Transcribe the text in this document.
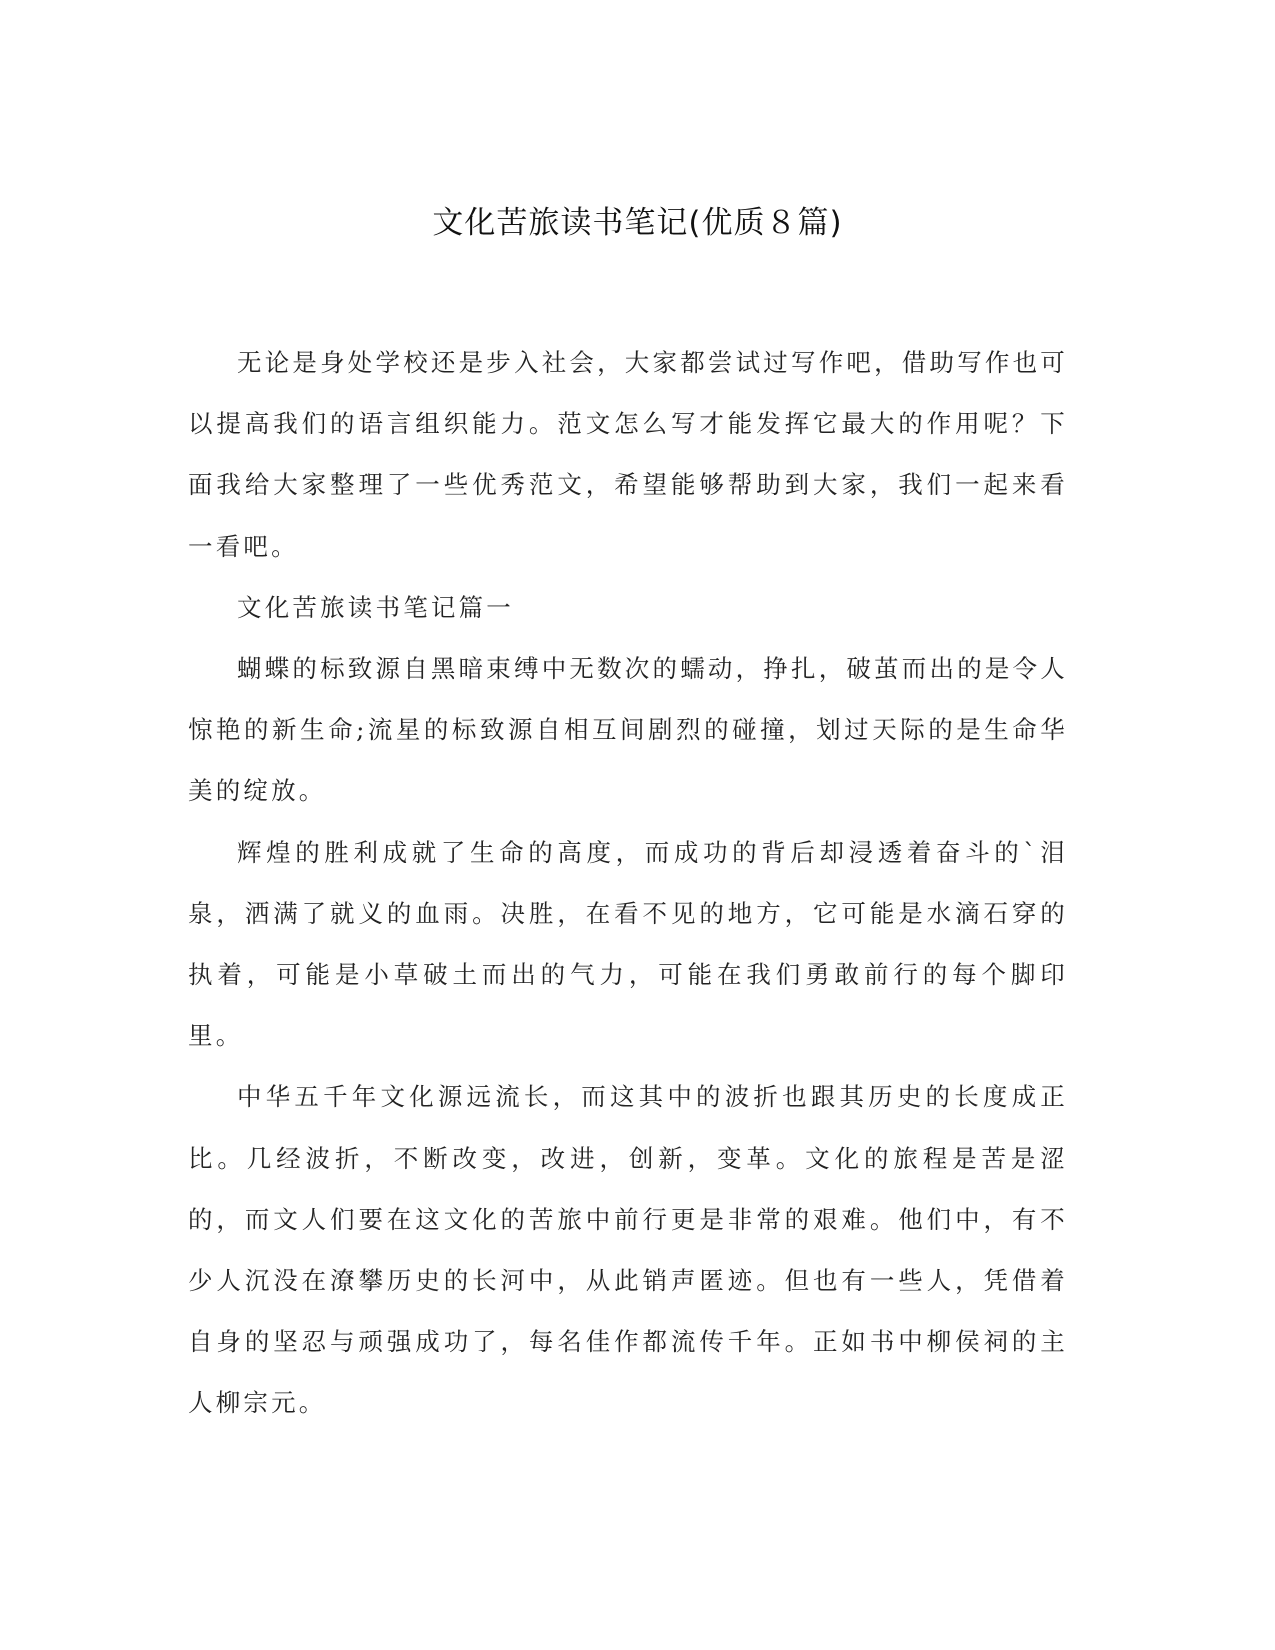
文化苦旅读书笔记(优质８篇)

无论是身处学校还是步入社会，大家都尝试过写作吧，借助写作也可以提高我们的语言组织能力。范文怎么写才能发挥它最大的作用呢？下面我给大家整理了一些优秀范文，希望能够帮助到大家，我们一起来看一看吧。

文化苦旅读书笔记篇一

蝴蝶的标致源自黑暗束缚中无数次的蠕动，挣扎，破茧而出的是令人惊艳的新生命;流星的标致源自相互间剧烈的碰撞，划过天际的是生命华美的绽放。

辉煌的胜利成就了生命的高度，而成功的背后却浸透着奋斗的`泪泉，洒满了就义的血雨。决胜，在看不见的地方，它可能是水滴石穿的执着，可能是小草破土而出的气力，可能在我们勇敢前行的每个脚印里。

中华五千年文化源远流长，而这其中的波折也跟其历史的长度成正比。几经波折，不断改变，改进，创新，变革。文化的旅程是苦是涩的，而文人们要在这文化的苦旅中前行更是非常的艰难。他们中，有不少人沉没在潦攀历史的长河中，从此销声匿迹。但也有一些人，凭借着自身的坚忍与顽强成功了，每名佳作都流传千年。正如书中柳侯祠的主人柳宗元。
